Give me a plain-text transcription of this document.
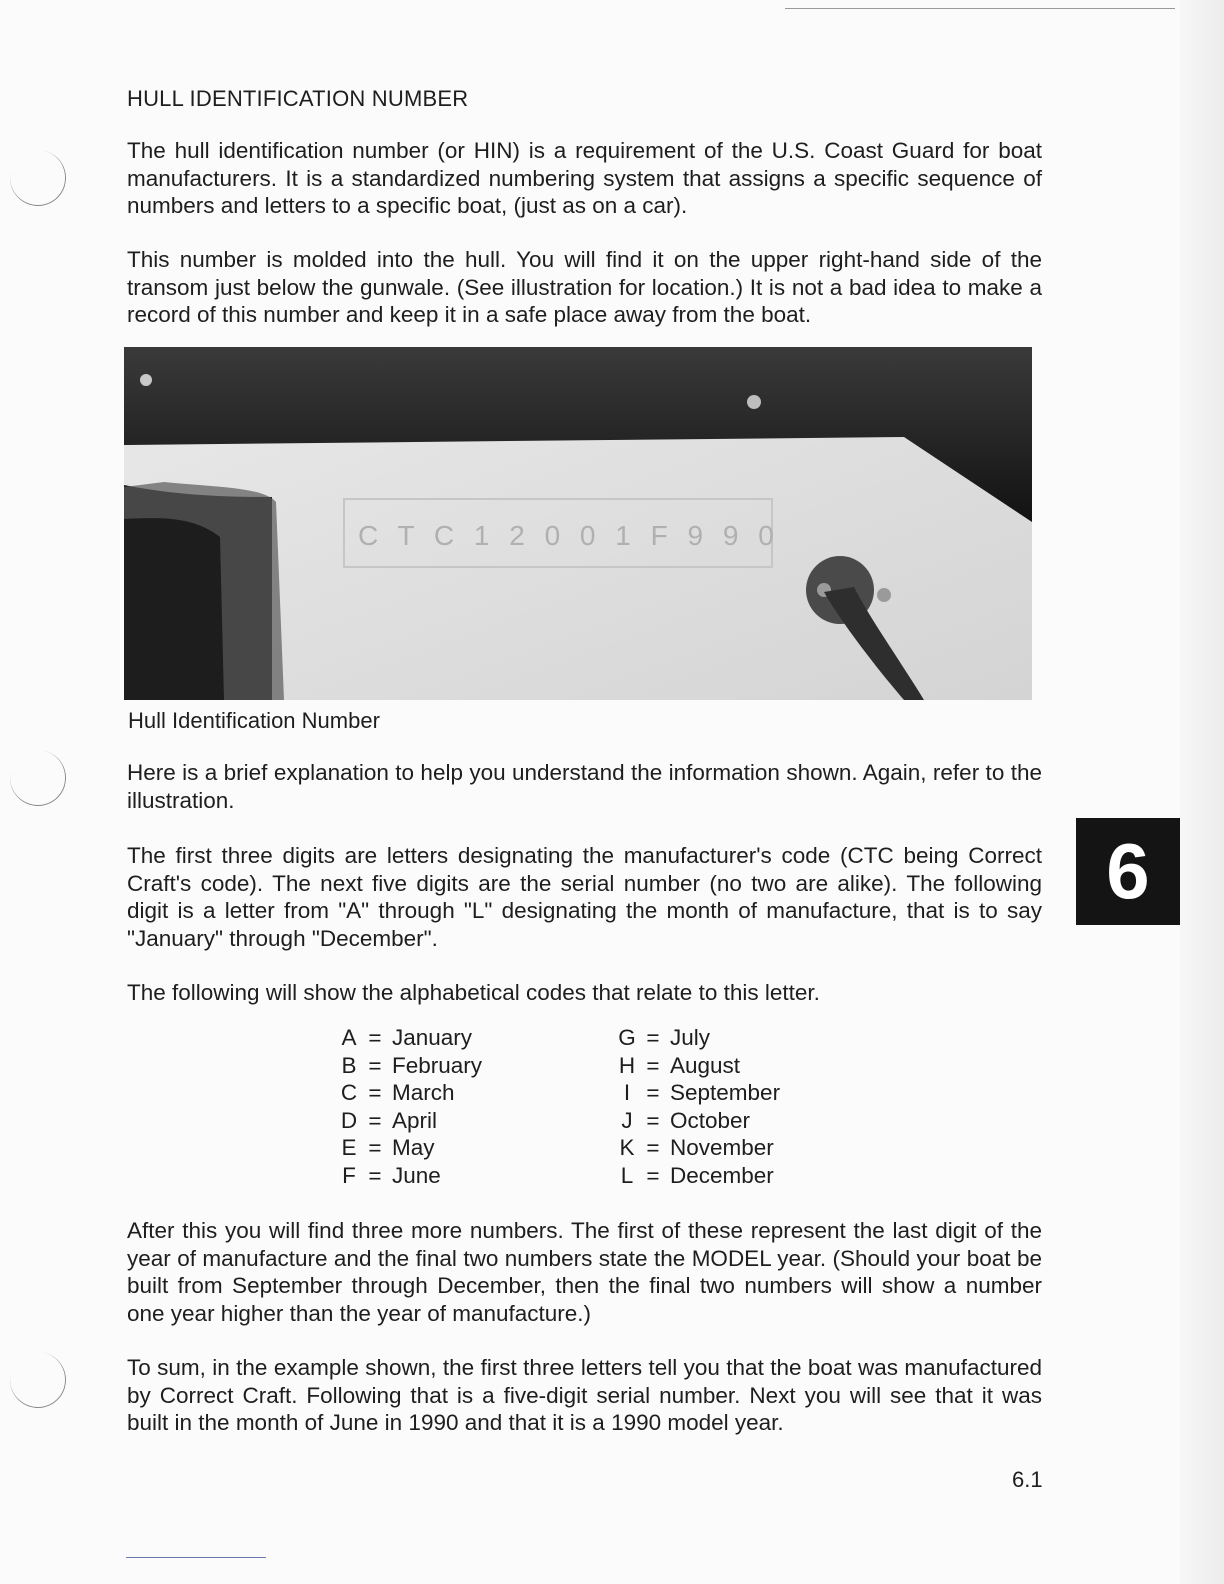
HULL IDENTIFICATION NUMBER

The hull identification number (or HIN) is a requirement of the U.S. Coast Guard for boat manufacturers. It is a standardized numbering system that assigns a specific sequence of numbers and letters to a specific boat, (just as on a car).

This number is molded into the hull. You will find it on the upper right-hand side of the transom just below the gunwale. (See illustration for location.) It is not a bad idea to make a record of this number and keep it in a safe place away from the boat.

C T C 1 2 0 0 1 F 9 9 0

Hull Identification Number

Here is a brief explanation to help you understand the information shown. Again, refer to the illustration.

The first three digits are letters designating the manufacturer's code (CTC being Correct Craft's code). The next five digits are the serial number (no two are alike). The following digit is a letter from "A" through "L" designating the month of manufacture, that is to say "January" through "December".

The following will show the alphabetical codes that relate to this letter.

A = January
B = February
C = March
D = April
E = May
F = June
G = July
H = August
I = September
J = October
K = November
L = December

After this you will find three more numbers. The first of these represent the last digit of the year of manufacture and the final two numbers state the MODEL year. (Should your boat be built from September through December, then the final two numbers will show a number one year higher than the year of manufacture.)

To sum, in the example shown, the first three letters tell you that the boat was manufactured by Correct Craft. Following that is a five-digit serial number. Next you will see that it was built in the month of June in 1990 and that it is a 1990 model year.

6

6.1
